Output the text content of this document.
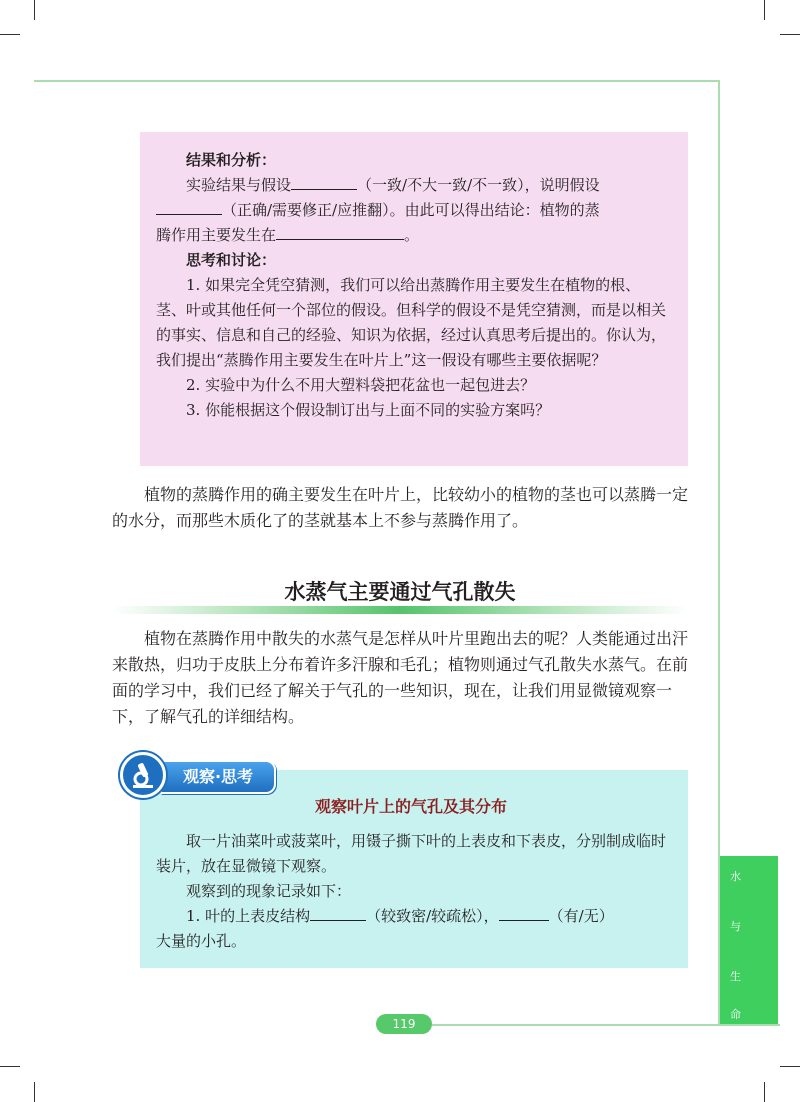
结果和分析：

实验结果与假设	（一致/不大一致/不一致），说明假设
（正确/需要修正/应推翻）。由此可以得出结论：植物的蒸
腾作用主要发生在	。

思考和讨论：

1. 如果完全凭空猜测，我们可以给出蒸腾作用主要发生在植物的根、茎、叶或其他任何一个部位的假设。但科学的假设不是凭空猜测，而是以相关的事实、信息和自己的经验、知识为依据，经过认真思考后提出的。你认为，我们提出“蒸腾作用主要发生在叶片上”这一假设有哪些主要依据呢？

2. 实验中为什么不用大塑料袋把花盆也一起包进去？

3. 你能根据这个假设制订出与上面不同的实验方案吗？

植物的蒸腾作用的确主要发生在叶片上，比较幼小的植物的茎也可以蒸腾一定的水分，而那些木质化了的茎就基本上不参与蒸腾作用了。

水蒸气主要通过气孔散失

植物在蒸腾作用中散失的水蒸气是怎样从叶片里跑出去的呢？人类能通过出汗来散热，归功于皮肤上分布着许多汗腺和毛孔；植物则通过气孔散失水蒸气。在前面的学习中，我们已经了解关于气孔的一些知识，现在，让我们用显微镜观察一下，了解气孔的详细结构。

观察叶片上的气孔及其分布

取一片油菜叶或菠菜叶，用镊子撕下叶的上表皮和下表皮，分别制成临时装片，放在显微镜下观察。

观察到的现象记录如下：

1. 叶的上表皮结构	（较致密/较疏松），	（有/无）
大量的小孔。

观察·思考
水
与
生
命
119
